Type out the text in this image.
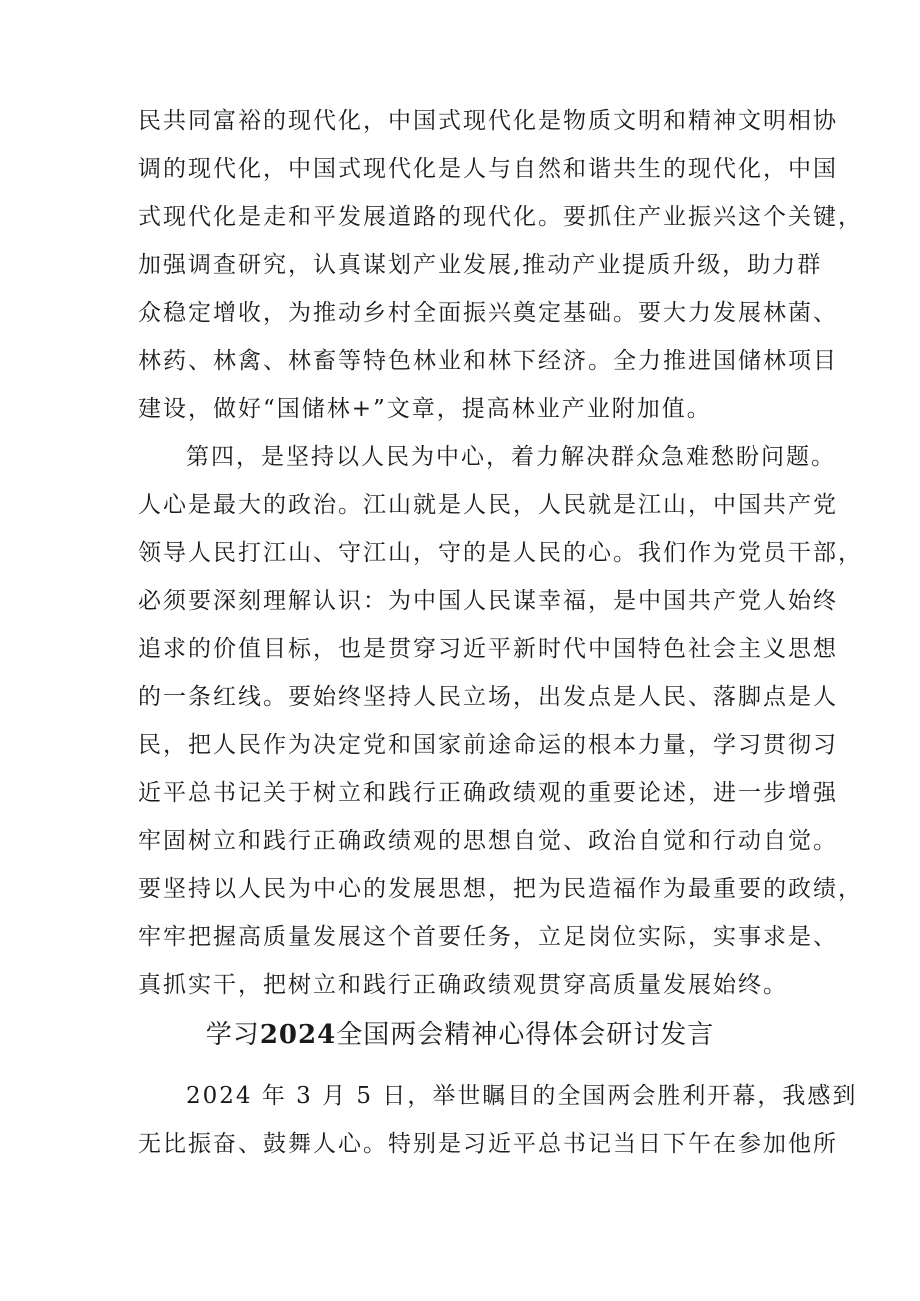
民共同富裕的现代化，中国式现代化是物质文明和精神文明相协
调的现代化，中国式现代化是人与自然和谐共生的现代化，中国
式现代化是走和平发展道路的现代化。要抓住产业振兴这个关键，
加强调查研究，认真谋划产业发展,推动产业提质升级，助力群
众稳定增收，为推动乡村全面振兴奠定基础。要大力发展林菌、
林药、林禽、林畜等特色林业和林下经济。全力推进国储林项目
建设，做好“国储林+”文章，提高林业产业附加值。
第四，是坚持以人民为中心，着力解决群众急难愁盼问题。
人心是最大的政治。江山就是人民，人民就是江山，中国共产党
领导人民打江山、守江山，守的是人民的心。我们作为党员干部，
必须要深刻理解认识：为中国人民谋幸福，是中国共产党人始终
追求的价值目标，也是贯穿习近平新时代中国特色社会主义思想
的一条红线。要始终坚持人民立场，出发点是人民、落脚点是人
民，把人民作为决定党和国家前途命运的根本力量，学习贯彻习
近平总书记关于树立和践行正确政绩观的重要论述，进一步增强
牢固树立和践行正确政绩观的思想自觉、政治自觉和行动自觉。
要坚持以人民为中心的发展思想，把为民造福作为最重要的政绩，
牢牢把握高质量发展这个首要任务，立足岗位实际，实事求是、
真抓实干，把树立和践行正确政绩观贯穿高质量发展始终。
学习2024全国两会精神心得体会研讨发言
2024 年 3 月 5 日，举世瞩目的全国两会胜利开幕，我感到
无比振奋、鼓舞人心。特别是习近平总书记当日下午在参加他所
